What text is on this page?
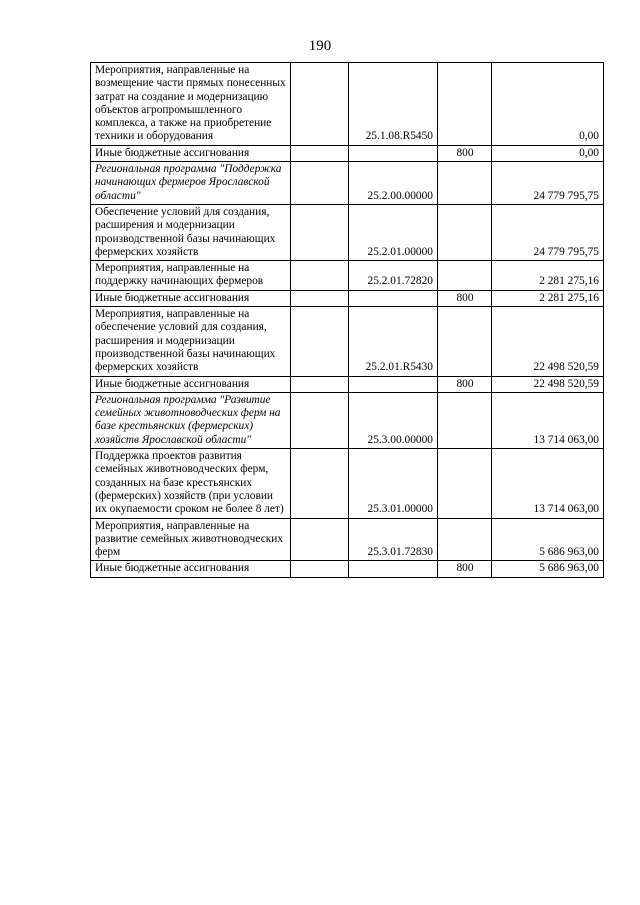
190
Мероприятия, направленные на возмещение части прямых понесенных затрат на создание и модернизацию объектов агропромышленного комплекса, а также на приобретение техники и оборудования		25.1.08.R5450		0,00
Иные бюджетные ассигнования			800	0,00
Региональная программа "Поддержка начинающих фермеров Ярославской области"		25.2.00.00000		24 779 795,75
Обеспечение условий для создания, расширения и модернизации производственной базы начинающих фермерских хозяйств		25.2.01.00000		24 779 795,75
Мероприятия, направленные на поддержку начинающих фермеров		25.2.01.72820		2 281 275,16
Иные бюджетные ассигнования			800	2 281 275,16
Мероприятия, направленные на обеспечение условий для создания, расширения и модернизации производственной базы начинающих фермерских хозяйств		25.2.01.R5430		22 498 520,59
Иные бюджетные ассигнования			800	22 498 520,59
Региональная программа "Развитие семейных животноводческих ферм на базе крестьянских (фермерских) хозяйств Ярославской области"		25.3.00.00000		13 714 063,00
Поддержка проектов развития семейных животноводческих ферм, созданных на базе крестьянских (фермерских) хозяйств (при условии их окупаемости сроком не более 8 лет)		25.3.01.00000		13 714 063,00
Мероприятия, направленные на развитие семейных животноводческих ферм		25.3.01.72830		5 686 963,00
Иные бюджетные ассигнования			800	5 686 963,00
